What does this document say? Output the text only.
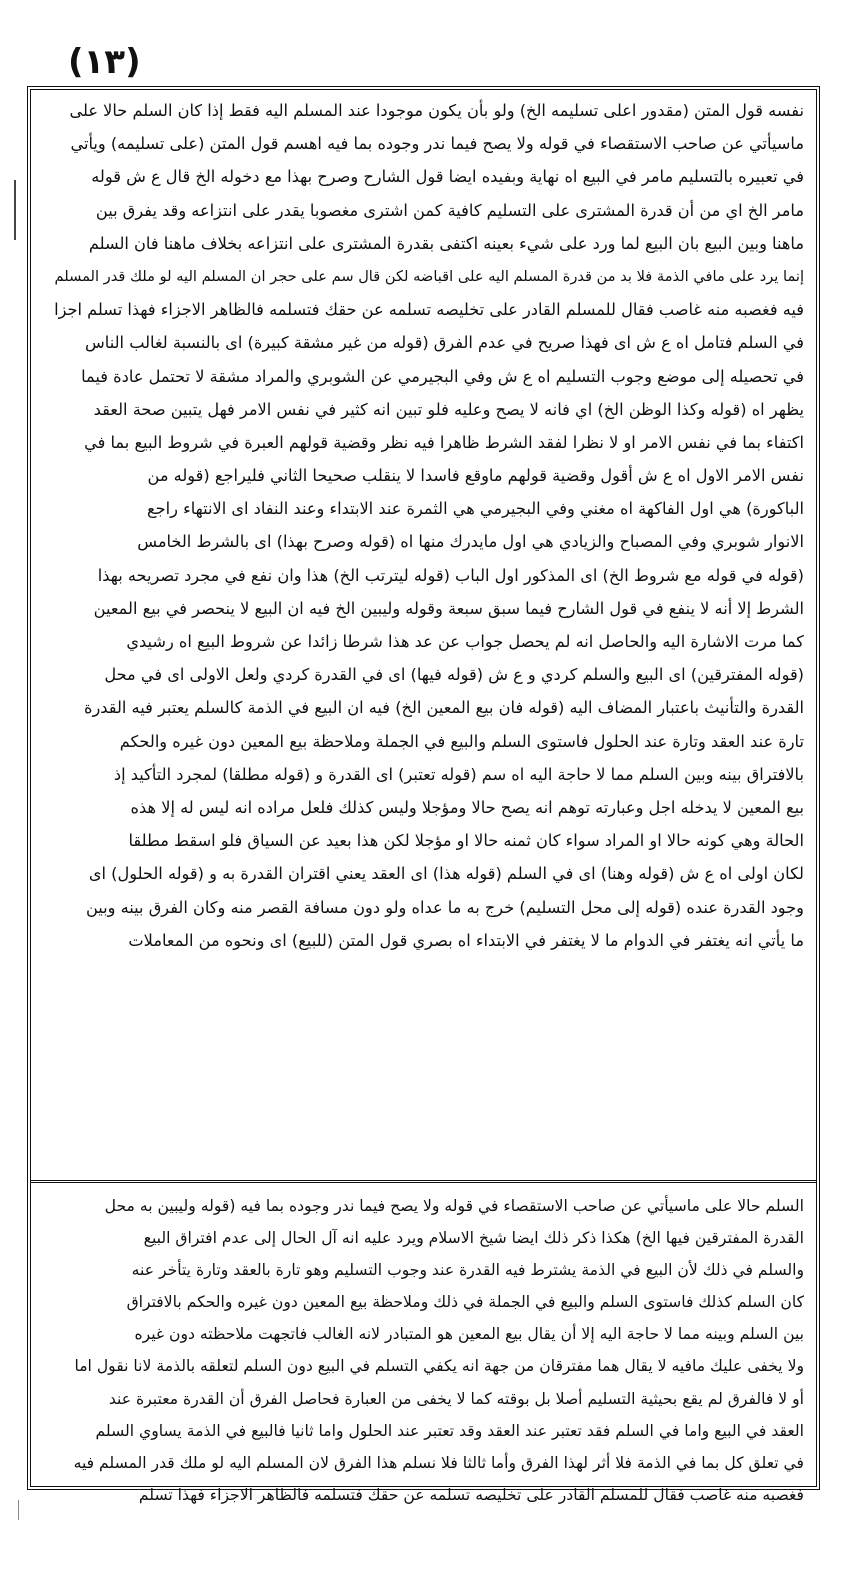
(١٣)
نفسه قول المتن (مقدور اعلى تسليمه الخ) ولو بأن يكون موجودا عند المسلم اليه فقط إذا كان السلم حالا على
ماسيأتي عن صاحب الاستقصاء في قوله ولا يصح فيما ندر وجوده بما فيه اهسم قول المتن (على تسليمه) ويأتي
في تعبيره بالتسليم مامر في البيع اه نهاية وبفيده ايضا قول الشارح وصرح بهذا مع دخوله الخ قال ع ش قوله
مامر الخ اي من أن قدرة المشترى على التسليم كافية كمن اشترى مغصوبا يقدر على انتزاعه وقد يفرق بين
ماهنا وبين البيع بان البيع لما ورد على شيء بعينه اكتفى بقدرة المشترى على انتزاعه بخلاف ماهنا فان السلم
إنما يرد على مافي الذمة فلا بد من قدرة المسلم اليه على اقباضه لكن قال سم على حجر ان المسلم اليه لو ملك قدر المسلم
فيه فغصبه منه غاصب فقال للمسلم القادر على تخليصه تسلمه عن حقك فتسلمه فالظاهر الاجزاء فهذا تسلم اجزا
في السلم فتامل اه ع ش اى فهذا صريح في عدم الفرق (قوله من غير مشقة كبيرة) اى بالنسبة لغالب الناس
في تحصيله إلى موضع وجوب التسليم اه ع ش وفي البجيرمي عن الشوبري والمراد مشقة لا تحتمل عادة فيما
يظهر اه (قوله وكذا الوظن الخ) اي فانه لا يصح وعليه فلو تبين انه كثير في نفس الامر فهل يتبين صحة العقد
اكتفاء بما في نفس الامر او لا نظرا لفقد الشرط ظاهرا فيه نظر وقضية قولهم العبرة في شروط البيع بما في
نفس الامر الاول اه ع ش أقول وقضية قولهم ماوقع فاسدا لا ينقلب صحيحا الثاني فليراجع (قوله من
الباكورة) هي اول الفاكهة اه مغني وفي البجيرمي هي الثمرة عند الابتداء وعند النفاد اى الانتهاء راجع
الانوار شوبري وفي المصباح والزيادي هي اول مايدرك منها اه (قوله وصرح بهذا) اى بالشرط الخامس
(قوله في قوله مع شروط الخ) اى المذكور اول الباب (قوله ليترتب الخ) هذا وان نفع في مجرد تصريحه بهذا
الشرط إلا أنه لا ينفع في قول الشارح فيما سبق سبعة وقوله وليبين الخ فيه ان البيع لا ينحصر في بيع المعين
كما مرت الاشارة اليه والحاصل انه لم يحصل جواب عن عد هذا شرطا زائدا عن شروط البيع اه رشيدي
(قوله المفترقين) اى البيع والسلم كردي و ع ش (قوله فيها) اى في القدرة كردي ولعل الاولى اى في محل
القدرة والتأنيث باعتبار المضاف اليه (قوله فان بيع المعين الخ) فيه ان البيع في الذمة كالسلم يعتبر فيه القدرة
تارة عند العقد وتارة عند الحلول فاستوى السلم والبيع في الجملة وملاحظة بيع المعين دون غيره والحكم
بالافتراق بينه وبين السلم مما لا حاجة اليه اه سم (قوله تعتبر) اى القدرة و (قوله مطلقا) لمجرد التأكيد إذ
بيع المعين لا يدخله اجل وعبارته توهم انه يصح حالا ومؤجلا وليس كذلك فلعل مراده انه ليس له إلا هذه
الحالة وهي كونه حالا او المراد سواء كان ثمنه حالا او مؤجلا لكن هذا بعيد عن السياق فلو اسقط مطلقا
لكان اولى اه ع ش (قوله وهنا) اى في السلم (قوله هذا) اى العقد يعني اقتران القدرة به و (قوله الحلول) اى
وجود القدرة عنده (قوله إلى محل التسليم) خرج به ما عداه ولو دون مسافة القصر منه وكان الفرق بينه وبين
ما يأتي انه يغتفر في الدوام ما لا يغتفر في الابتداء اه بصري قول المتن (للبيع) اى ونحوه من المعاملات
السلم حالا على ماسيأتي عن صاحب الاستقصاء في قوله ولا يصح فيما ندر وجوده بما فيه (قوله وليبين به محل
القدرة المفترقين فيها الخ) هكذا ذكر ذلك ايضا شيخ الاسلام ويرد عليه انه آل الحال إلى عدم افتراق البيع
والسلم في ذلك لأن البيع في الذمة يشترط فيه القدرة عند وجوب التسليم وهو تارة بالعقد وتارة يتأخر عنه
كان السلم كذلك فاستوى السلم والبيع في الجملة في ذلك وملاحظة بيع المعين دون غيره والحكم بالافتراق
بين السلم وبينه مما لا حاجة اليه إلا أن يقال بيع المعين هو المتبادر لانه الغالب فاتجهت ملاحظته دون غيره
ولا يخفى عليك مافيه لا يقال هما مفترقان من جهة انه يكفي التسلم في البيع دون السلم لتعلقه بالذمة لانا نقول اما
أو لا فالفرق لم يقع بحيثية التسليم أصلا بل بوقته كما لا يخفى من العبارة فحاصل الفرق أن القدرة معتبرة عند
العقد في البيع واما في السلم فقد تعتبر عند العقد وقد تعتبر عند الحلول واما ثانيا فالبيع في الذمة يساوي السلم
في تعلق كل بما في الذمة فلا أثر لهذا الفرق وأما ثالثا فلا نسلم هذا الفرق لان المسلم اليه لو ملك قدر المسلم فيه
فغصبه منه غاصب فقال للمسلم القادر على تخليصه تسلمه عن حقك فتسلمه فالظاهر الاجزاء فهذا تسلم
